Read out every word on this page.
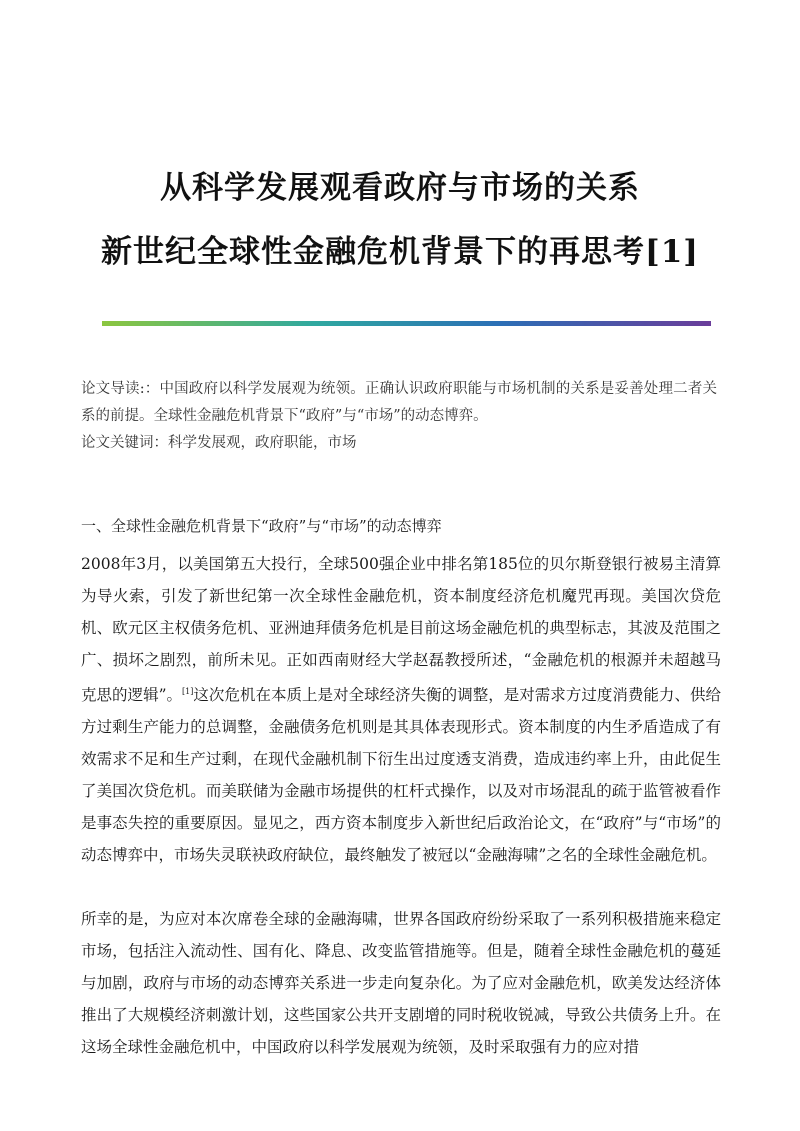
从科学发展观看政府与市场的关系
新世纪全球性金融危机背景下的再思考[1]

论文导读:：中国政府以科学发展观为统领。正确认识政府职能与市场机制的关系是妥善处理二者关系的前提。全球性金融危机背景下“政府”与“市场”的动态博弈。

论文关键词：科学发展观，政府职能，市场

一、全球性金融危机背景下“政府”与“市场”的动态博弈

2008年3月，以美国第五大投行，全球500强企业中排名第185位的贝尔斯登银行被易主清算为导火索，引发了新世纪第一次全球性金融危机，资本制度经济危机魔咒再现。美国次贷危机、欧元区主权债务危机、亚洲迪拜债务危机是目前这场金融危机的典型标志，其波及范围之广、损坏之剧烈，前所未见。正如西南财经大学赵磊教授所述，“金融危机的根源并未超越马克思的逻辑”。[1]这次危机在本质上是对全球经济失衡的调整，是对需求方过度消费能力、供给方过剩生产能力的总调整，金融债务危机则是其具体表现形式。资本制度的内生矛盾造成了有效需求不足和生产过剩，在现代金融机制下衍生出过度透支消费，造成违约率上升，由此促生了美国次贷危机。而美联储为金融市场提供的杠杆式操作，以及对市场混乱的疏于监管被看作是事态失控的重要原因。显见之，西方资本制度步入新世纪后政治论文，在“政府”与“市场”的动态博弈中，市场失灵联袂政府缺位，最终触发了被冠以“金融海啸”之名的全球性金融危机。

所幸的是，为应对本次席卷全球的金融海啸，世界各国政府纷纷采取了一系列积极措施来稳定市场，包括注入流动性、国有化、降息、改变监管措施等。但是，随着全球性金融危机的蔓延与加剧，政府与市场的动态博弈关系进一步走向复杂化。为了应对金融危机，欧美发达经济体推出了大规模经济刺激计划，这些国家公共开支剧增的同时税收锐减，导致公共债务上升。在这场全球性金融危机中，中国政府以科学发展观为统领，及时采取强有力的应对措
